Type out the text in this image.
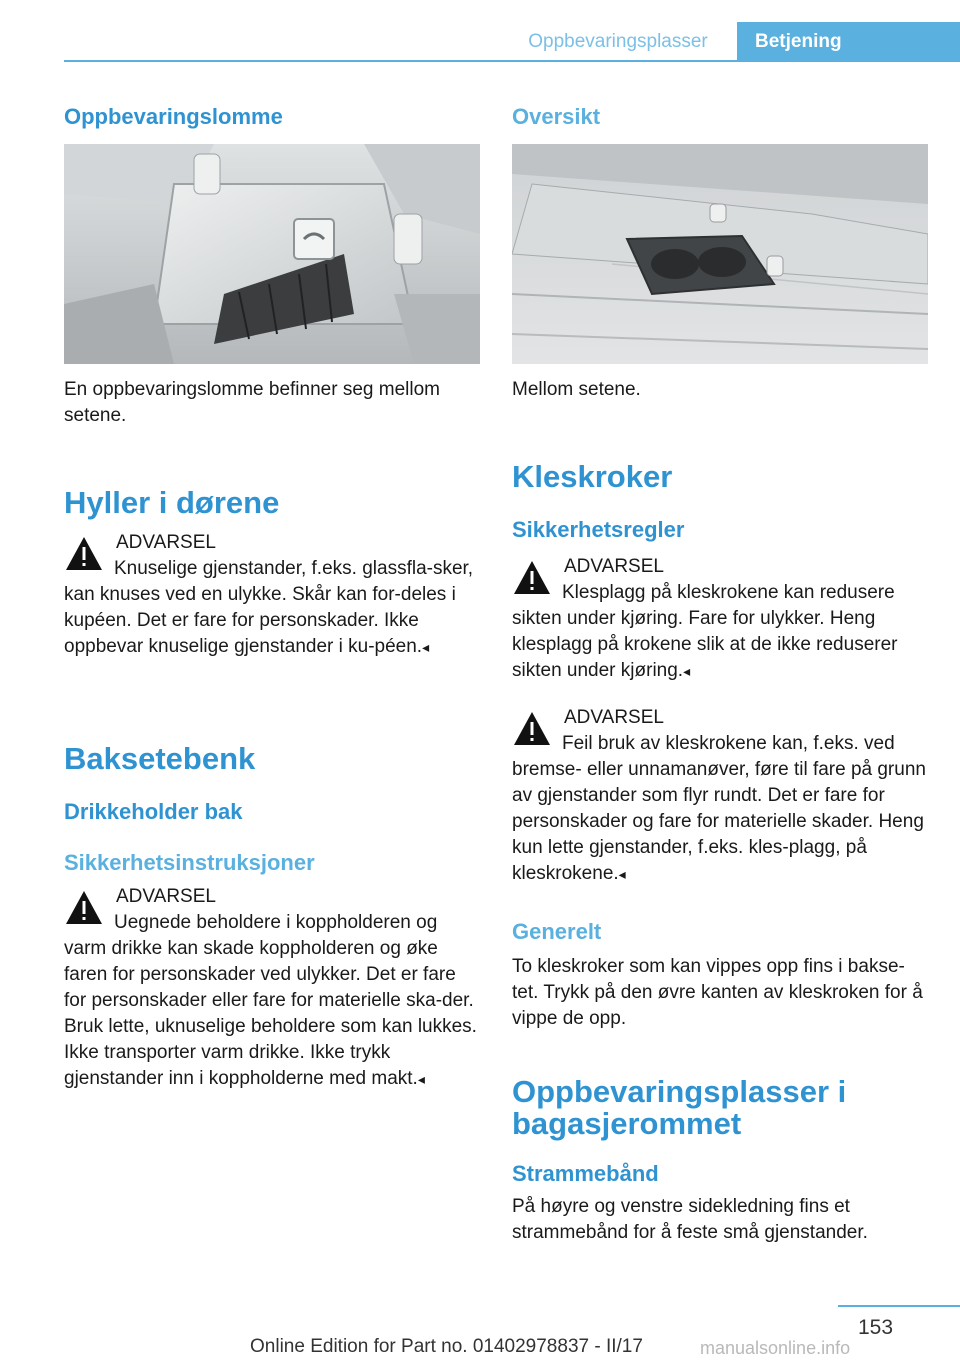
Oppbevaringsplasser	Betjening
Oppbevaringslomme
En oppbevaringslomme befinner seg mellom setene.
Hyller i dørene
ADVARSEL
Knuselige gjenstander, f.eks. glassfla-sker, kan knuses ved en ulykke. Skår kan for-deles i kupéen. Det er fare for personskader. Ikke oppbevar knuselige gjenstander i ku-péen.◂
Baksetebenk
Drikkeholder bak
Sikkerhetsinstruksjoner
ADVARSEL
Uegnede beholdere i koppholderen og varm drikke kan skade koppholderen og øke faren for personskader ved ulykker. Det er fare for personskader eller fare for materielle ska-der. Bruk lette, uknuselige beholdere som kan lukkes. Ikke transporter varm drikke. Ikke trykk gjenstander inn i koppholderne med makt.◂
Oversikt
Mellom setene.
Kleskroker
Sikkerhetsregler
ADVARSEL
Klesplagg på kleskrokene kan redusere sikten under kjøring. Fare for ulykker. Heng klesplagg på krokene slik at de ikke reduserer sikten under kjøring.◂
ADVARSEL
Feil bruk av kleskrokene kan, f.eks. ved bremse- eller unnamanøver, føre til fare på grunn av gjenstander som flyr rundt. Det er fare for personskader og fare for materielle skader. Heng kun lette gjenstander, f.eks. kles-plagg, på kleskrokene.◂
Generelt
To kleskroker som kan vippes opp fins i bakse-tet. Trykk på den øvre kanten av kleskroken for å vippe de opp.
Oppbevaringsplasser i
bagasjerommet
Strammebånd
På høyre og venstre sidekledning fins et strammebånd for å feste små gjenstander.
153
Online Edition for Part no. 01402978837 - II/17	manualsonline.info
